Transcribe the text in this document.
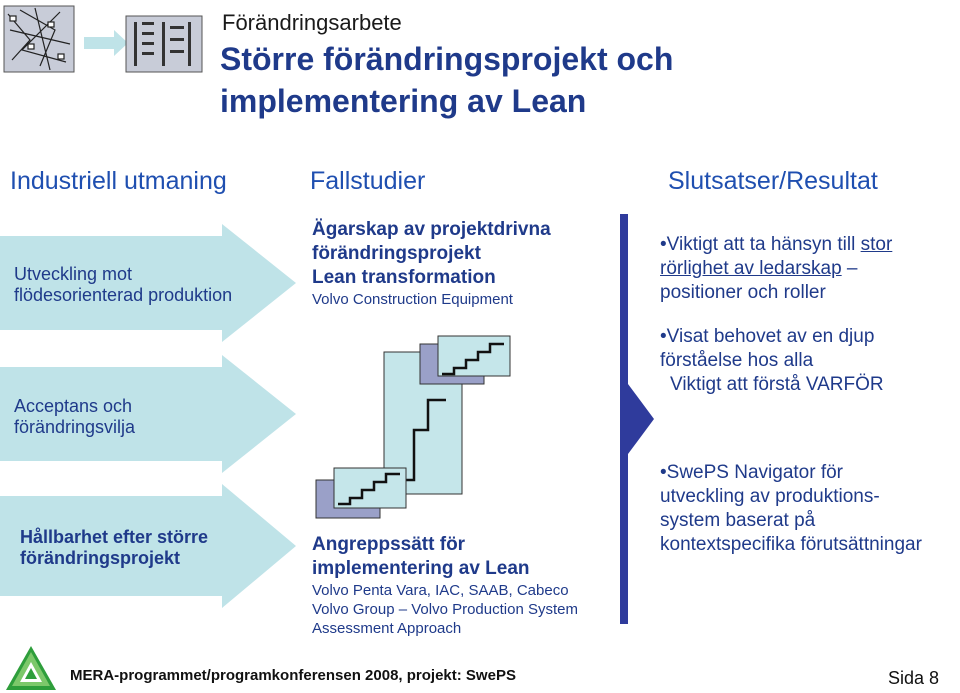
Förändringsarbete
Större förändringsprojekt och
implementering av Lean
Industriell utmaning	Fallstudier	Slutsatser/Resultat
Utveckling mot
flödesorienterad produktion
Acceptans och
förändringsvilja
Hållbarhet efter större
förändringsprojekt
Ägarskap av projektdrivna
förändringsprojekt
Lean transformation
Volvo Construction Equipment
Angreppssätt för
implementering av Lean
Volvo Penta Vara, IAC, SAAB, Cabeco
Volvo Group – Volvo Production System
Assessment Approach
•Viktigt att ta hänsyn till stor
rörlighet av ledarskap –
positioner och roller
•Visat behovet av en djup
förståelse hos alla
Viktigt att förstå VARFÖR
•SwePS Navigator för
utveckling av produktions-
system baserat på
kontextspecifika förutsättningar
MERA-programmet/programkonferensen 2008, projekt: SwePS	Sida 8
